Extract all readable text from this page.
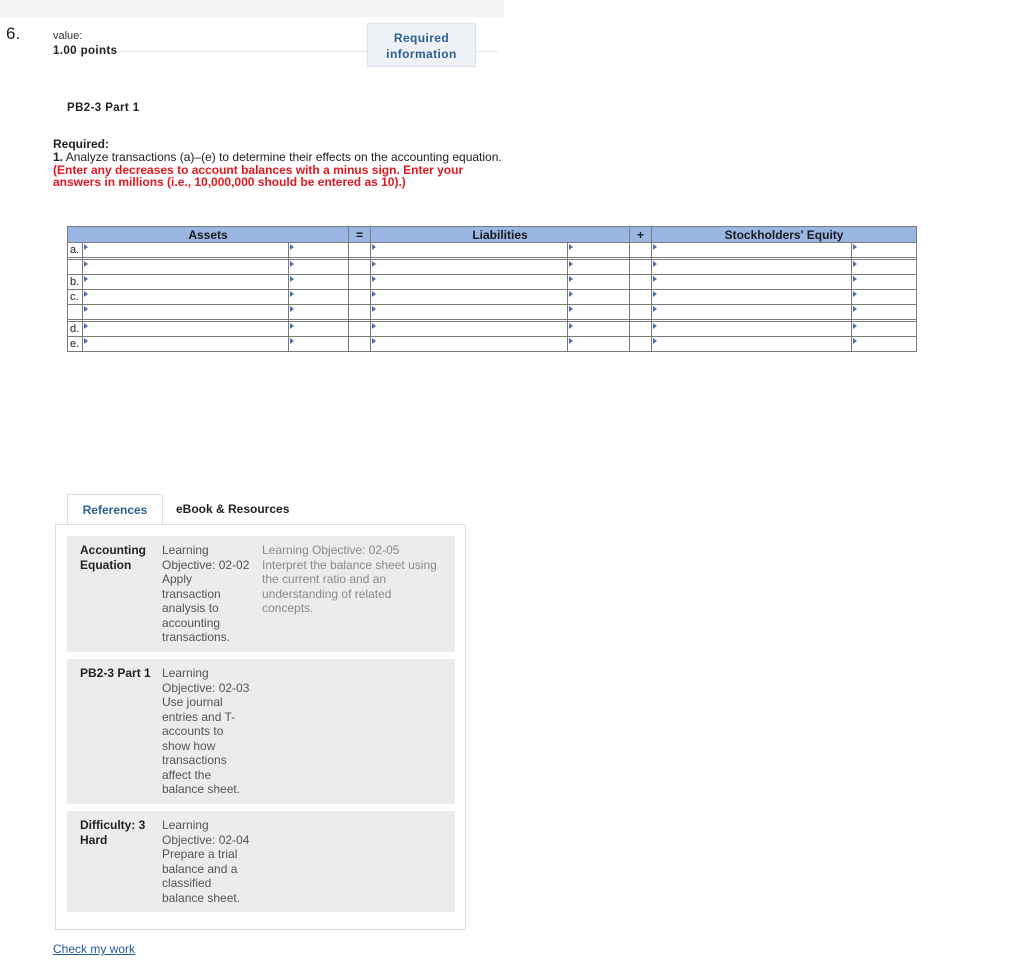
6.	value:
1.00 points
Required information
PB2-3 Part 1
Required:
1. Analyze transactions (a)–(e) to determine their effects on the accounting equation. (Enter any decreases to account balances with a minus sign. Enter your answers in millions (i.e., 10,000,000 should be entered as 10).)
Assets			=	Liabilities		+	Stockholders' Equity	
a.								

b.								
c.								

d.								
e.								
References	eBook & Resources
Accounting Equation
Learning Objective: 02-02 Apply transaction analysis to accounting transactions.
Learning Objective: 02-05 Interpret the balance sheet using the current ratio and an understanding of related concepts.
PB2-3 Part 1 Learning Objective: 02-03 Use journal entries and T-accounts to show how transactions affect the balance sheet.
Difficulty: 3 Hard
Learning Objective: 02-04 Prepare a trial balance and a classified balance sheet.
Check my work
